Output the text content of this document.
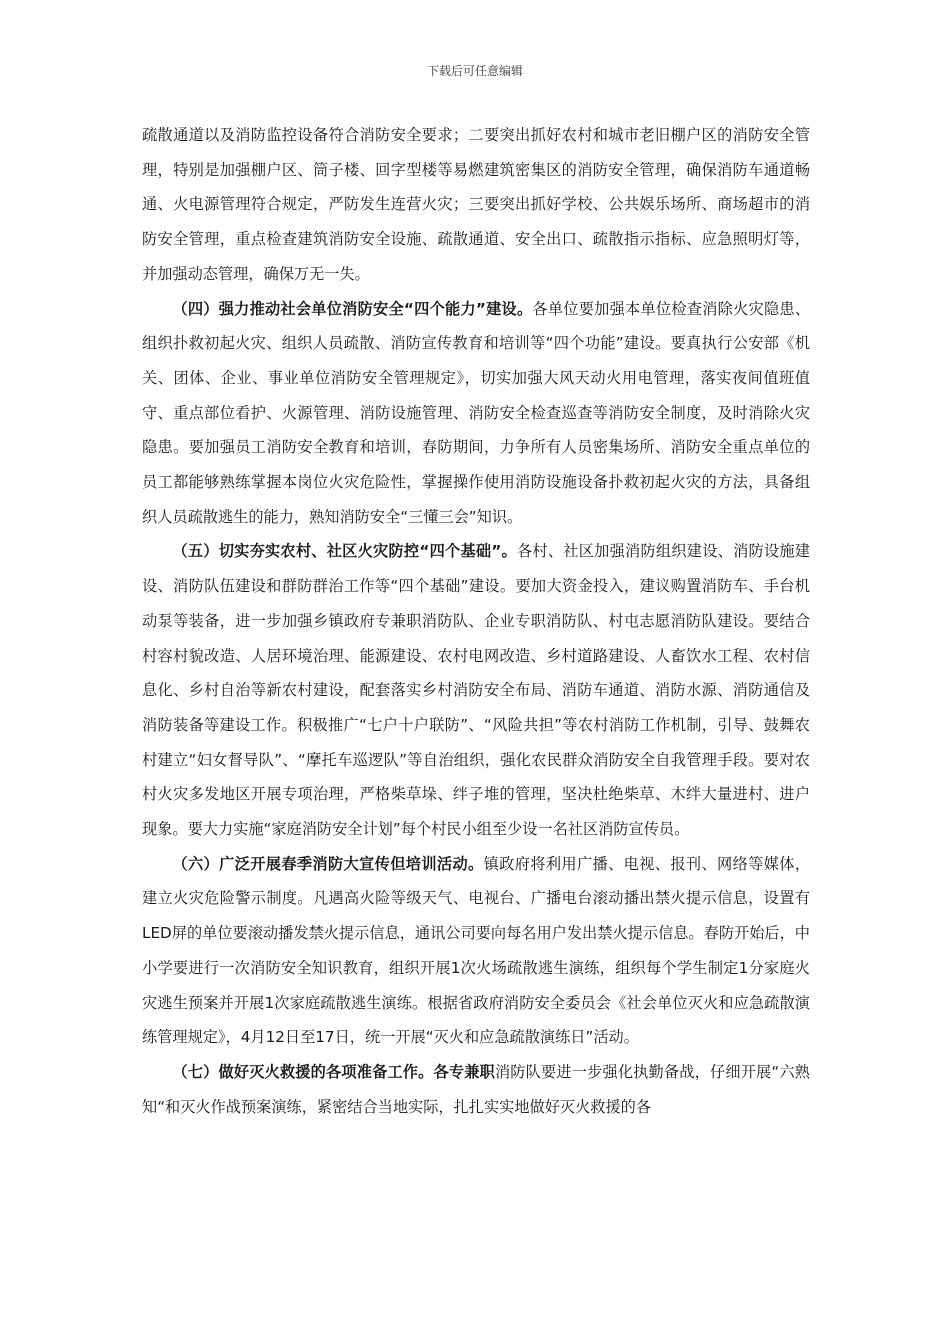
下载后可任意编辑

疏散通道以及消防监控设备符合消防安全要求；二要突出抓好农村和城市老旧棚户区的消防安全管理，特别是加强棚户区、筒子楼、回字型楼等易燃建筑密集区的消防安全管理，确保消防车通道畅通、火电源管理符合规定，严防发生连营火灾；三要突出抓好学校、公共娱乐场所、商场超市的消防安全管理，重点检查建筑消防安全设施、疏散通道、安全出口、疏散指示指标、应急照明灯等，并加强动态管理，确保万无一失。

（四）强力推动社会单位消防安全“四个能力”建设。各单位要加强本单位检查消除火灾隐患、组织扑救初起火灾、组织人员疏散、消防宣传教育和培训等“四个功能”建设。要真执行公安部《机关、团体、企业、事业单位消防安全管理规定》，切实加强大风天动火用电管理，落实夜间值班值守、重点部位看护、火源管理、消防设施管理、消防安全检查巡查等消防安全制度，及时消除火灾隐患。要加强员工消防安全教育和培训，春防期间，力争所有人员密集场所、消防安全重点单位的员工都能够熟练掌握本岗位火灾危险性，掌握操作使用消防设施设备扑救初起火灾的方法，具备组织人员疏散逃生的能力，熟知消防安全“三懂三会”知识。

（五）切实夯实农村、社区火灾防控“四个基础”。各村、社区加强消防组织建设、消防设施建设、消防队伍建设和群防群治工作等“四个基础”建设。要加大资金投入，建议购置消防车、手台机动泵等装备，进一步加强乡镇政府专兼职消防队、企业专职消防队、村屯志愿消防队建设。要结合村容村貌改造、人居环境治理、能源建设、农村电网改造、乡村道路建设、人畜饮水工程、农村信息化、乡村自治等新农村建设，配套落实乡村消防安全布局、消防车通道、消防水源、消防通信及消防装备等建设工作。积极推广“七户十户联防”、“风险共担”等农村消防工作机制，引导、鼓舞农村建立“妇女督导队”、“摩托车巡逻队”等自治组织，强化农民群众消防安全自我管理手段。要对农村火灾多发地区开展专项治理，严格柴草垛、绊子堆的管理，坚决杜绝柴草、木绊大量进村、进户现象。要大力实施“家庭消防安全计划”每个村民小组至少设一名社区消防宣传员。

（六）广泛开展春季消防大宣传但培训活动。镇政府将利用广播、电视、报刊、网络等媒体，建立火灾危险警示制度。凡遇高火险等级天气、电视台、广播电台滚动播出禁火提示信息，设置有LED屏的单位要滚动播发禁火提示信息，通讯公司要向每名用户发出禁火提示信息。春防开始后，中小学要进行一次消防安全知识教育，组织开展1次火场疏散逃生演练，组织每个学生制定1分家庭火灾逃生预案并开展1次家庭疏散逃生演练。根据省政府消防安全委员会《社会单位灭火和应急疏散演练管理规定》，4月12日至17日，统一开展“灭火和应急疏散演练日”活动。

（七）做好灭火救援的各项准备工作。各专兼职消防队要进一步强化执勤备战，仔细开展“六熟知“和灭火作战预案演练，紧密结合当地实际，扎扎实实地做好灭火救援的各
